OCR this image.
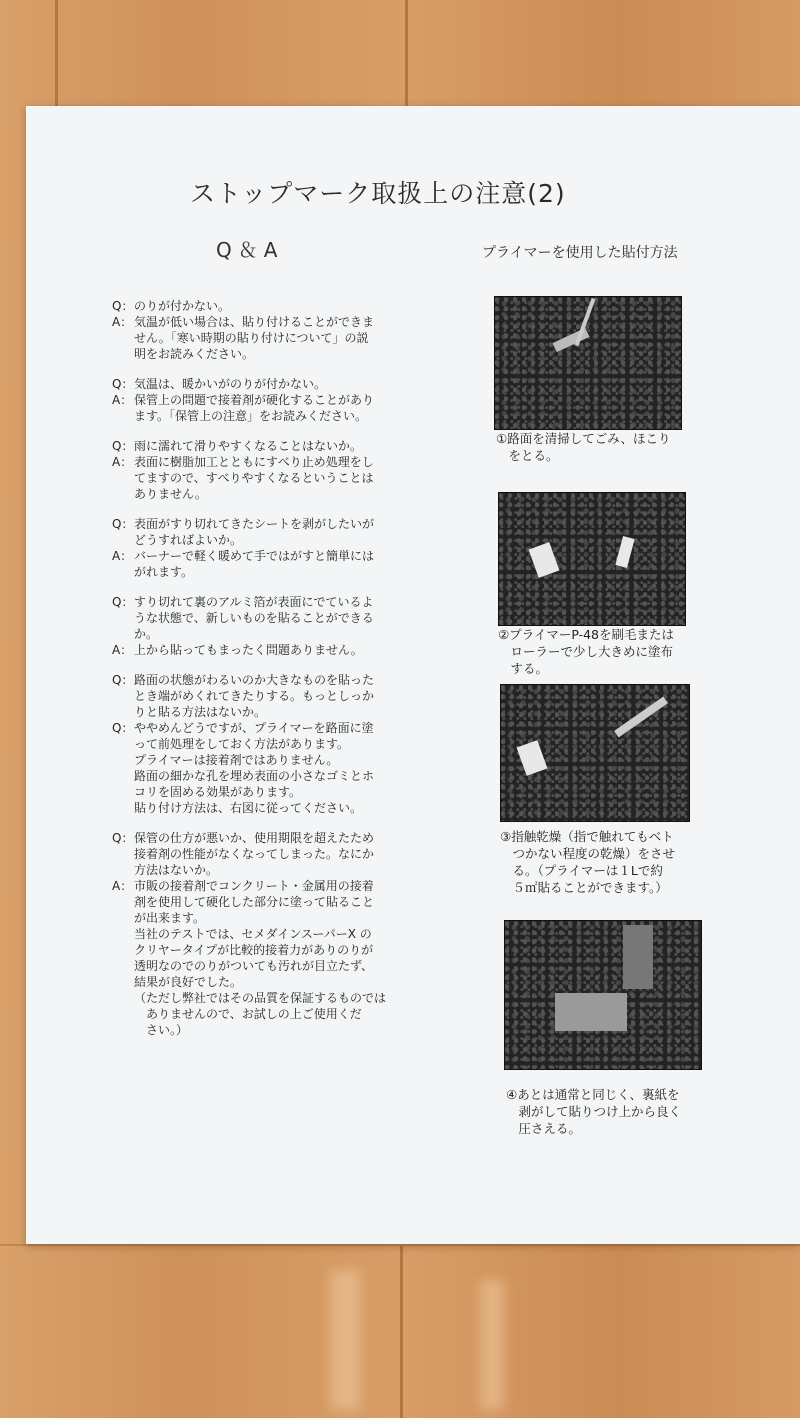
ストップマーク取扱上の注意(2)
Q＆A	プライマーを使用した貼付方法
Q： のりが付かない。
A： 気温が低い場合は、貼り付けることができま
せん。「寒い時期の貼り付けについて」の説
明をお読みください。
Q： 気温は、暖かいがのりが付かない。
A： 保管上の問題で接着剤が硬化することがあり
ます。「保管上の注意」をお読みください。
Q： 雨に濡れて滑りやすくなることはないか。
A： 表面に樹脂加工とともにすべり止め処理をし
てますので、すべりやすくなるということは
ありません。
Q： 表面がすり切れてきたシートを剥がしたいが
どうすればよいか。
A： バーナーで軽く暖めて手ではがすと簡単には
がれます。
Q： すり切れて裏のアルミ箔が表面にでているよ
うな状態で、新しいものを貼ることができる
か。
A： 上から貼ってもまったく問題ありません。
Q： 路面の状態がわるいのか大きなものを貼った
とき端がめくれてきたりする。もっとしっか
りと貼る方法はないか。
Q： ややめんどうですが、プライマーを路面に塗
って前処理をしておく方法があります。
プライマーは接着剤ではありません。
路面の細かな孔を埋め表面の小さなゴミとホ
コリを固める効果があります。
貼り付け方法は、右図に従ってください。
Q： 保管の仕方が悪いか、使用期限を超えたため
接着剤の性能がなくなってしまった。なにか
方法はないか。
A： 市販の接着剤でコンクリート・金属用の接着
剤を使用して硬化した部分に塗って貼ること
が出来ます。
当社のテストでは、セメダインスーパーX の
クリヤータイプが比較的接着力がありのりが
透明なのでのりがついても汚れが目立たず、
結果が良好でした。
（ただし弊社ではその品質を保証するものでは
　ありませんので、お試しの上ご使用くだ
　さい。）
①路面を清掃してごみ、ほこり
　をとる。
②プライマーP-48を刷毛または
　ローラーで少し大きめに塗布
　する。
③指触乾燥（指で触れてもベト
　つかない程度の乾燥）をさせ
　る。（プライマーは１Lで約
　５㎡貼ることができます。）
④あとは通常と同じく、裏紙を
　剥がして貼りつけ上から良く
　圧さえる。
